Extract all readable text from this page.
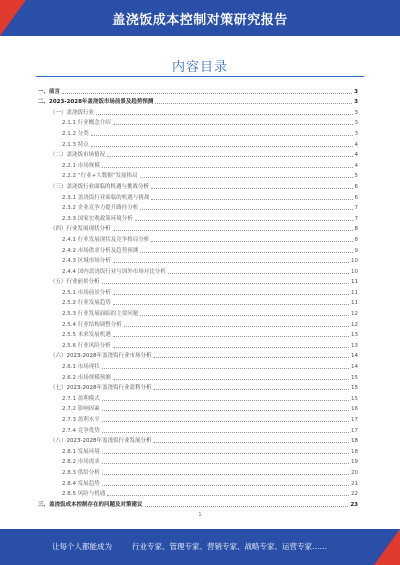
盖浇饭成本控制对策研究报告
内容目录
一、前言	3
二、2023-2028年盖浇饭市场前景及趋势预测	3
（一）盖浇饭行业	3
2.1.1 行业概念介绍	3
2.1.2 分类	3
2.1.3 特点	4
（二）盖浇饭市场情况	4
2.2.1 市场规模	4
2.2.2 “行业+大数据”发展格局	5
（三）盖浇饭行业面临的机遇与挑战分析	6
2.3.1 盖浇饭行业面临的机遇与挑战	6
2.3.2 企业竞争力提升路径分析	7
2.3.3 国家宏观政策环境分析	7
（四）行业发展现状分析	8
2.4.1 行业发展现状及竞争格局分析	8
2.4.2 市场供求分析及趋势预测	9
2.4.3 区域市场分析	10
2.4.4 国内盖浇饭行业与国外市场对比分析	10
（五）行业前景分析	11
2.5.1 市场前景分析	11
2.5.2 行业发展趋势	11
2.5.3 行业发展面临的主要问题	12
2.5.4 行业结构调整分析	12
2.5.5 未来发展机遇	13
2.5.6 行业风险分析	13
（六）2023-2028年盖浇饭行业市场分析	14
2.6.1 市场现状	14
2.6.2 市场规模预测	15
（七）2023-2028年盖浇饭行业盈利分析	15
2.7.1 盈利模式	15
2.7.2 影响因素	16
2.7.3 盈利水平	17
2.7.4 竞争优势	17
（八）2023-2028年盖浇饭行业发展分析	18
2.8.1 发展环境	18
2.8.2 市场需求	19
2.8.3 供给分析	20
2.8.4 发展趋势	21
2.8.5 风险与机遇	22
三、盖浇饭成本控制存在的问题及对策建议	23
1
让每个人都能成为	行业专家、管理专家、营销专家、战略专家、运营专家……
